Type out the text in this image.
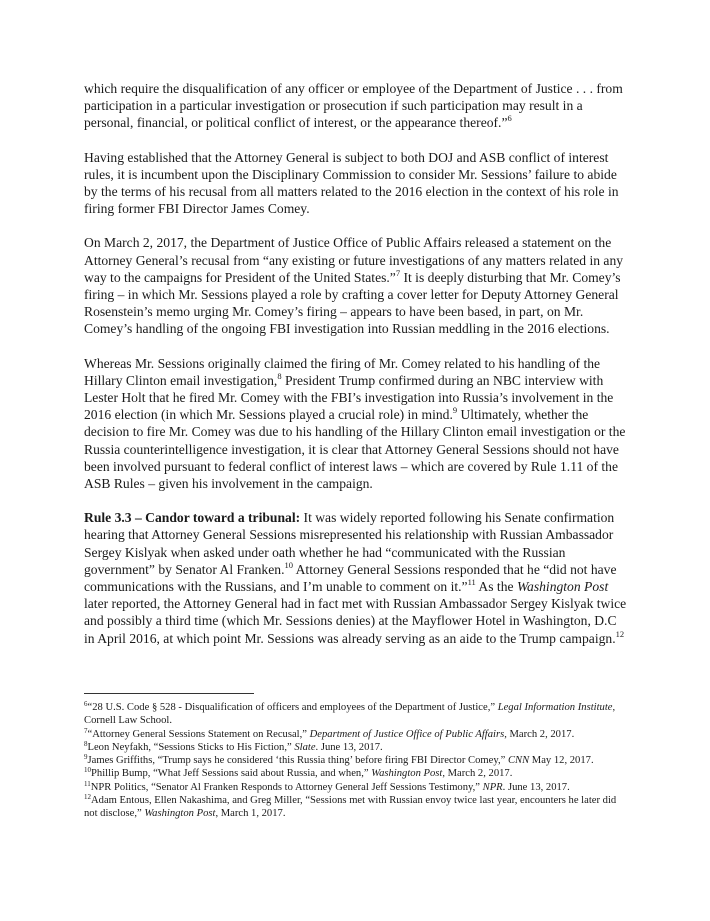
which require the disqualification of any officer or employee of the Department of Justice . . . from participation in a particular investigation or prosecution if such participation may result in a personal, financial, or political conflict of interest, or the appearance thereof.”$^6$

Having established that the Attorney General is subject to both DOJ and ASB conflict of interest rules, it is incumbent upon the Disciplinary Commission to consider Mr. Sessions’ failure to abide by the terms of his recusal from all matters related to the 2016 election in the context of his role in firing former FBI Director James Comey.

On March 2, 2017, the Department of Justice Office of Public Affairs released a statement on the Attorney General’s recusal from “any existing or future investigations of any matters related in any way to the campaigns for President of the United States.”$^7$ It is deeply disturbing that Mr. Comey’s firing – in which Mr. Sessions played a role by crafting a cover letter for Deputy Attorney General Rosenstein’s memo urging Mr. Comey’s firing – appears to have been based, in part, on Mr. Comey’s handling of the ongoing FBI investigation into Russian meddling in the 2016 elections.

Whereas Mr. Sessions originally claimed the firing of Mr. Comey related to his handling of the Hillary Clinton email investigation,$^8$ President Trump confirmed during an NBC interview with Lester Holt that he fired Mr. Comey with the FBI’s investigation into Russia’s involvement in the 2016 election (in which Mr. Sessions played a crucial role) in mind.$^9$ Ultimately, whether the decision to fire Mr. Comey was due to his handling of the Hillary Clinton email investigation or the Russia counterintelligence investigation, it is clear that Attorney General Sessions should not have been involved pursuant to federal conflict of interest laws – which are covered by Rule 1.11 of the ASB Rules – given his involvement in the campaign.

Rule 3.3 – Candor toward a tribunal: It was widely reported following his Senate confirmation hearing that Attorney General Sessions misrepresented his relationship with Russian Ambassador Sergey Kislyak when asked under oath whether he had “communicated with the Russian government” by Senator Al Franken.$^{10}$ Attorney General Sessions responded that he “did not have communications with the Russians, and I’m unable to comment on it.”$^{11}$ As the Washington Post later reported, the Attorney General had in fact met with Russian Ambassador Sergey Kislyak twice and possibly a third time (which Mr. Sessions denies) at the Mayflower Hotel in Washington, D.C in April 2016, at which point Mr. Sessions was already serving as an aide to the Trump campaign.$^{12}$

$^6$“28 U.S. Code § 528 - Disqualification of officers and employees of the Department of Justice,” Legal Information Institute, Cornell Law School.

$^7$“Attorney General Sessions Statement on Recusal,” Department of Justice Office of Public Affairs, March 2, 2017.

$^8$Leon Neyfakh, “Sessions Sticks to His Fiction,” Slate. June 13, 2017.

$^9$James Griffiths, “Trump says he considered ‘this Russia thing’ before firing FBI Director Comey,” CNN May 12, 2017.

$^{10}$Phillip Bump, “What Jeff Sessions said about Russia, and when,” Washington Post, March 2, 2017.

$^{11}$NPR Politics, “Senator Al Franken Responds to Attorney General Jeff Sessions Testimony,” NPR. June 13, 2017.

$^{12}$Adam Entous, Ellen Nakashima, and Greg Miller, “Sessions met with Russian envoy twice last year, encounters he later did not disclose,” Washington Post, March 1, 2017.
